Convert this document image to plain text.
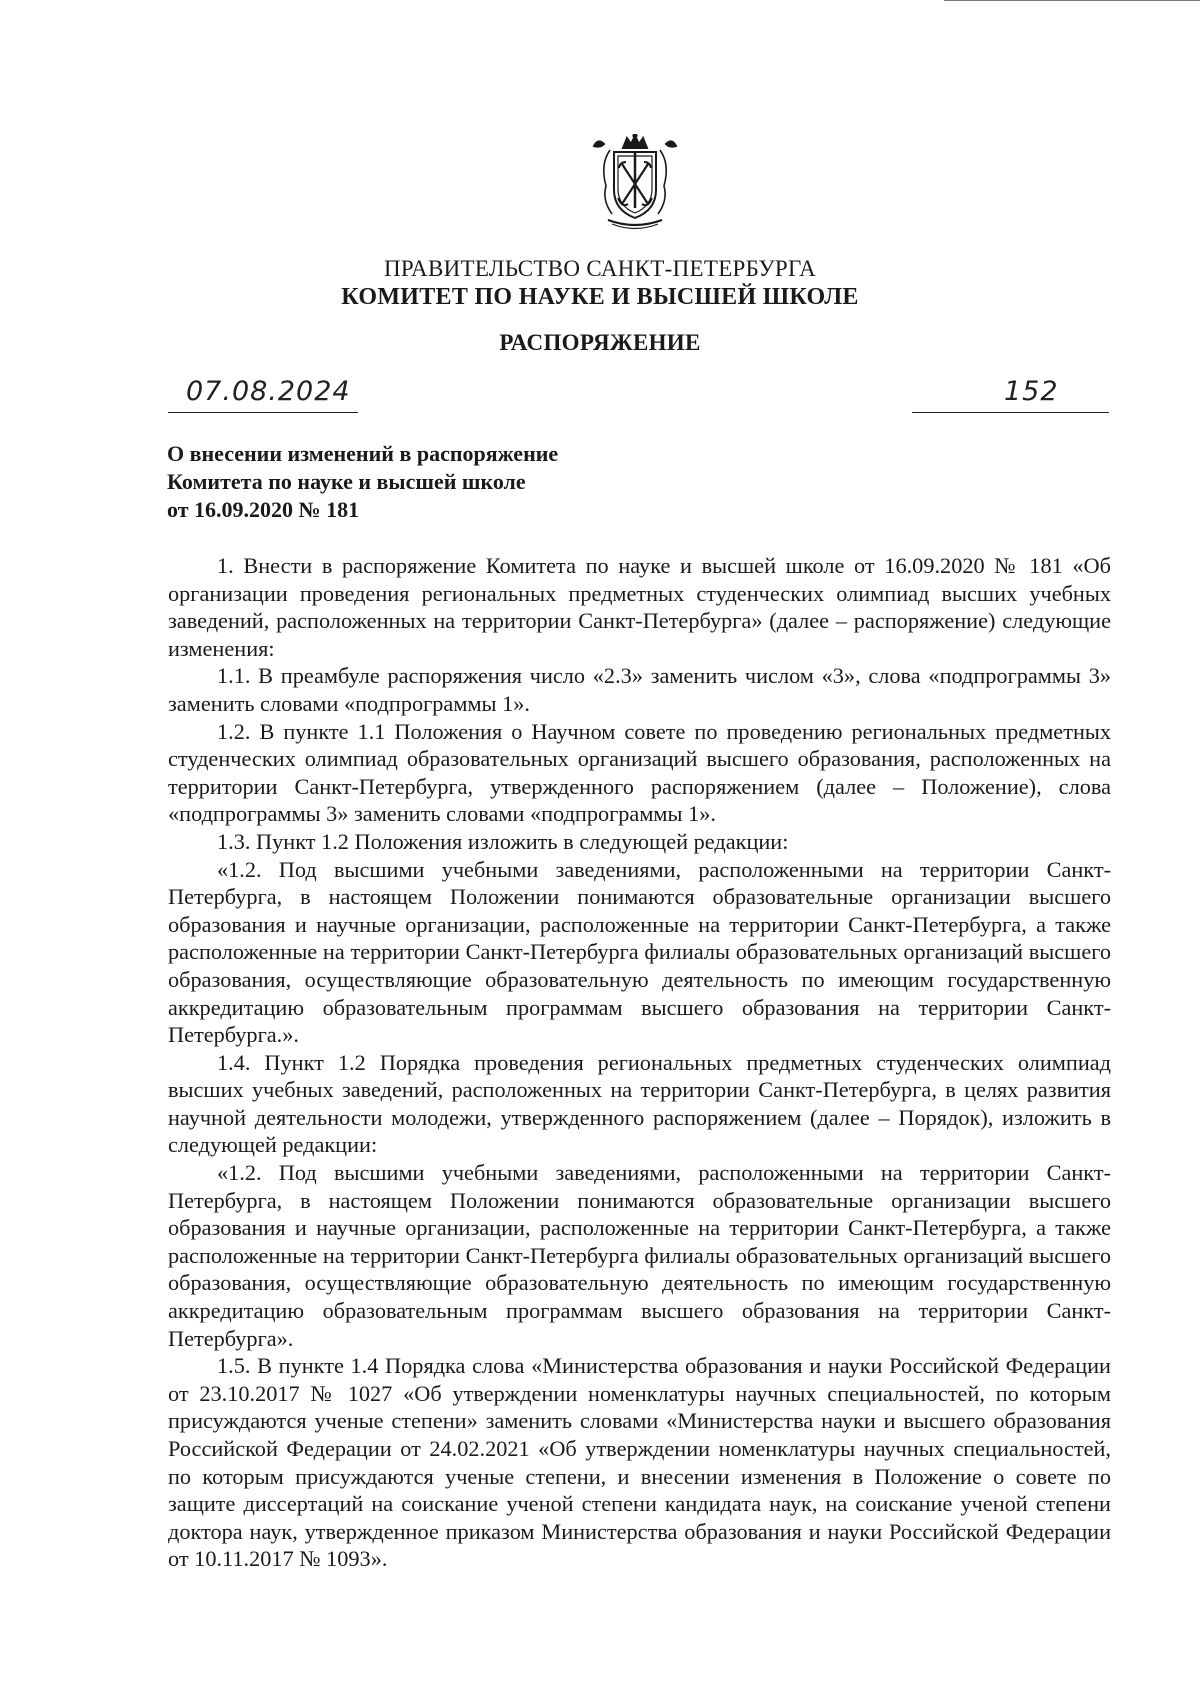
ПРАВИТЕЛЬСТВО САНКТ-ПЕТЕРБУРГА
КОМИТЕТ ПО НАУКЕ И ВЫСШЕЙ ШКОЛЕ
РАСПОРЯЖЕНИЕ
07.08.2024	152
О внесении изменений в распоряжение
Комитета по науке и высшей школе
от 16.09.2020 № 181

1. Внести в распоряжение Комитета по науке и высшей школе от 16.09.2020 № 181 «Об организации проведения региональных предметных студенческих олимпиад высших учебных заведений, расположенных на территории Санкт-Петербурга» (далее – распоряжение) следующие изменения:

1.1. В преамбуле распоряжения число «2.3» заменить числом «3», слова «подпрограммы 3» заменить словами «подпрограммы 1».

1.2. В пункте 1.1 Положения о Научном совете по проведению региональных предметных студенческих олимпиад образовательных организаций высшего образования, расположенных на территории Санкт-Петербурга, утвержденного распоряжением (далее – Положение), слова «подпрограммы 3» заменить словами «подпрограммы 1».

1.3. Пункт 1.2 Положения изложить в следующей редакции:

«1.2. Под высшими учебными заведениями, расположенными на территории Санкт-Петербурга, в настоящем Положении понимаются образовательные организации высшего образования и научные организации, расположенные на территории Санкт-Петербурга, а также расположенные на территории Санкт-Петербурга филиалы образовательных организаций высшего образования, осуществляющие образовательную деятельность по имеющим государственную аккредитацию образовательным программам высшего образования на территории Санкт-Петербурга.».

1.4. Пункт 1.2 Порядка проведения региональных предметных студенческих олимпиад высших учебных заведений, расположенных на территории Санкт-Петербурга, в целях развития научной деятельности молодежи, утвержденного распоряжением (далее – Порядок), изложить в следующей редакции:

«1.2. Под высшими учебными заведениями, расположенными на территории Санкт-Петербурга, в настоящем Положении понимаются образовательные организации высшего образования и научные организации, расположенные на территории Санкт-Петербурга, а также расположенные на территории Санкт-Петербурга филиалы образовательных организаций высшего образования, осуществляющие образовательную деятельность по имеющим государственную аккредитацию образовательным программам высшего образования на территории Санкт-Петербурга».

1.5. В пункте 1.4 Порядка слова «Министерства образования и науки Российской Федерации от 23.10.2017 № 1027 «Об утверждении номенклатуры научных специальностей, по которым присуждаются ученые степени» заменить словами «Министерства науки и высшего образования Российской Федерации от 24.02.2021 «Об утверждении номенклатуры научных специальностей, по которым присуждаются ученые степени, и внесении изменения в Положение о совете по защите диссертаций на соискание ученой степени кандидата наук, на соискание ученой степени доктора наук, утвержденное приказом Министерства образования и науки Российской Федерации от 10.11.2017 № 1093».
